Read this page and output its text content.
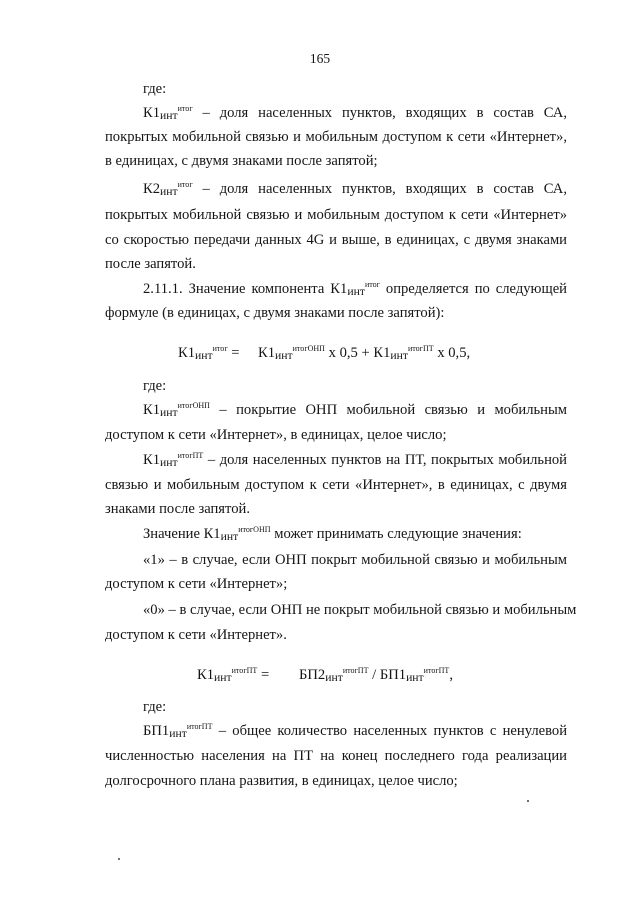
165

где:

$К1_{инт}^{итог}$ – доля населенных пунктов, входящих в состав СА,

покрытых мобильной связью и мобильным доступом к сети «Интернет»,

в единицах, с двумя знаками после запятой;

$К2_{инт}^{итог}$ – доля населенных пунктов, входящих в состав СА,

покрытых мобильной связью и мобильным доступом к сети «Интернет»

со скоростью передачи данных 4G и выше, в единицах, с двумя знаками

после запятой.

2.11.1. Значение компонента $К1_{инт}^{итог}$ определяется по следующей

формуле (в единицах, с двумя знаками после запятой):

$К1_{инт}^{итог} = К1_{инт}^{итогОНП}$ х $0,5 + К1_{инт}^{итогПТ}$ х 0,5,

где:

$К1_{инт}^{итогОНП}$ – покрытие ОНП мобильной связью и мобильным

доступом к сети «Интернет», в единицах, целое число;

$К1_{инт}^{итогПТ}$ – доля населенных пунктов на ПТ, покрытых мобильной

связью и мобильным доступом к сети «Интернет», в единицах, с двумя

знаками после запятой.

Значение $К1_{инт}^{итогОНП}$ может принимать следующие значения:

«1» – в случае, если ОНП покрыт мобильной связью и мобильным

доступом к сети «Интернет»;

«0» – в случае, если ОНП не покрыт мобильной связью и мобильным

доступом к сети «Интернет».

$К1_{инт}^{итогПТ} = БП2_{инт}^{итогПТ} / БП1_{инт}^{итогПТ}$,

где:

$БП1_{инт}^{итогПТ}$ – общее количество населенных пунктов с ненулевой

численностью населения на ПТ на конец последнего года реализации

долгосрочного плана развития, в единицах, целое число;
